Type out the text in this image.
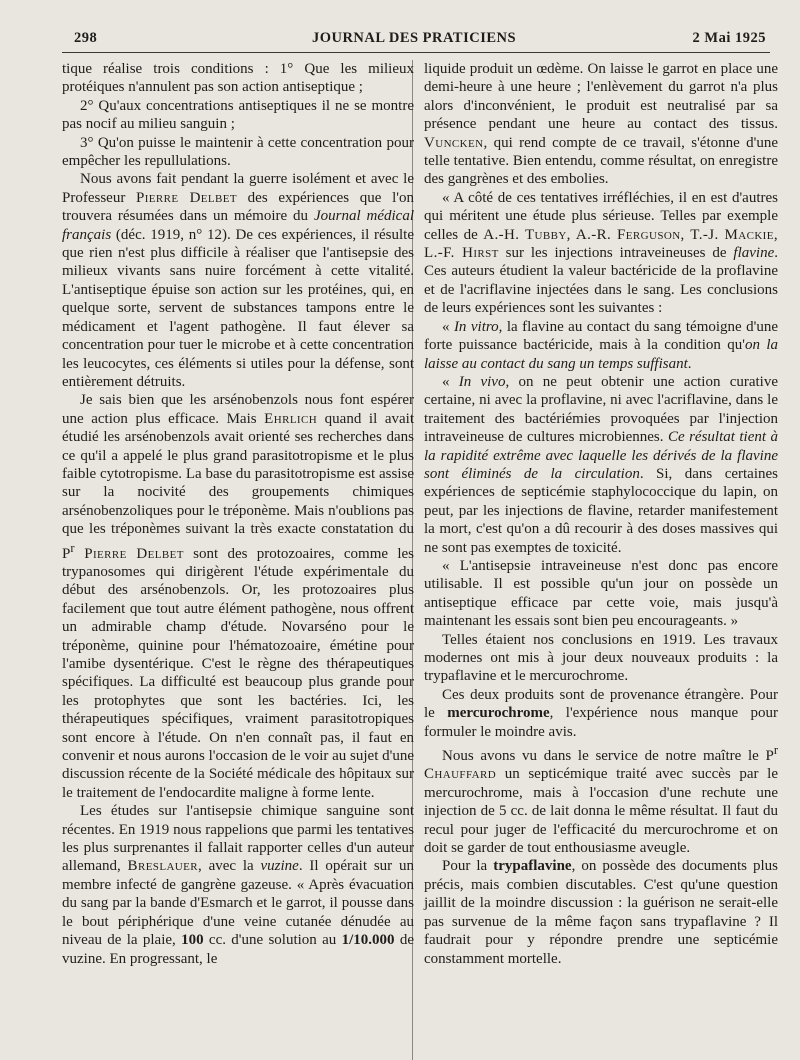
298	JOURNAL DES PRATICIENS	2 Mai 1925

tique réalise trois conditions : 1° Que les milieux protéiques n'annulent pas son action antiseptique ;

2° Qu'aux concentrations antiseptiques il ne se montre pas nocif au milieu sanguin ;

3° Qu'on puisse le maintenir à cette concentration pour empêcher les repullulations.

Nous avons fait pendant la guerre isolément et avec le Professeur Pierre Delbet des expériences que l'on trouvera résumées dans un mémoire du Journal médical français (déc. 1919, n° 12). De ces expériences, il résulte que rien n'est plus difficile à réaliser que l'antisepsie des milieux vivants sans nuire forcément à cette vitalité. L'antiseptique épuise son action sur les protéines, qui, en quelque sorte, servent de substances tampons entre le médicament et l'agent pathogène. Il faut élever sa concentration pour tuer le microbe et à cette concentration les leucocytes, ces éléments si utiles pour la défense, sont entièrement détruits.

Je sais bien que les arsénobenzols nous font espérer une action plus efficace. Mais Ehrlich quand il avait étudié les arsénobenzols avait orienté ses recherches dans ce qu'il a appelé le plus grand parasitotropisme et le plus faible cytotropisme. La base du parasitotropisme est assise sur la nocivité des groupements chimiques arsénobenzoliques pour le tréponème. Mais n'oublions pas que les tréponèmes suivant la très exacte constatation du $P^r$ Pierre Delbet sont des protozoaires, comme les trypanosomes qui dirigèrent l'étude expérimentale du début des arsénobenzols. Or, les protozoaires plus facilement que tout autre élément pathogène, nous offrent un admirable champ d'étude. Novarséno pour le tréponème, quinine pour l'hématozoaire, émétine pour l'amibe dysentérique. C'est le règne des thérapeutiques spécifiques. La difficulté est beaucoup plus grande pour les protophytes que sont les bactéries. Ici, les thérapeutiques spécifiques, vraiment parasitotropiques sont encore à l'étude. On n'en connaît pas, il faut en convenir et nous aurons l'occasion de le voir au sujet d'une discussion récente de la Société médicale des hôpitaux sur le traitement de l'endocardite maligne à forme lente.

Les études sur l'antisepsie chimique sanguine sont récentes. En 1919 nous rappelions que parmi les tentatives les plus surprenantes il fallait rapporter celles d'un auteur allemand, Breslauer, avec la vuzine. Il opérait sur un membre infecté de gangrène gazeuse. « Après évacuation du sang par la bande d'Esmarch et le garrot, il pousse dans le bout périphérique d'une veine cutanée dénudée au niveau de la plaie, 100 cc. d'une solution au 1/10.000 de vuzine. En progressant, le

liquide produit un œdème. On laisse le garrot en place une demi-heure à une heure ; l'enlèvement du garrot n'a plus alors d'inconvénient, le produit est neutralisé par sa présence pendant une heure au contact des tissus. Vuncken, qui rend compte de ce travail, s'étonne d'une telle tentative. Bien entendu, comme résultat, on enregistre des gangrènes et des embolies.

« A côté de ces tentatives irréfléchies, il en est d'autres qui méritent une étude plus sérieuse. Telles par exemple celles de A.-H. Tubby, A.-R. Ferguson, T.-J. Mackie, L.-F. Hirst sur les injections intraveineuses de flavine. Ces auteurs étudient la valeur bactéricide de la proflavine et de l'acriflavine injectées dans le sang. Les conclusions de leurs expériences sont les suivantes :

« In vitro, la flavine au contact du sang témoigne d'une forte puissance bactéricide, mais à la condition qu'on la laisse au contact du sang un temps suffisant.

« In vivo, on ne peut obtenir une action curative certaine, ni avec la proflavine, ni avec l'acriflavine, dans le traitement des bactériémies provoquées par l'injection intraveineuse de cultures microbiennes. Ce résultat tient à la rapidité extrême avec laquelle les dérivés de la flavine sont éliminés de la circulation. Si, dans certaines expériences de septicémie staphylococcique du lapin, on peut, par les injections de flavine, retarder manifestement la mort, c'est qu'on a dû recourir à des doses massives qui ne sont pas exemptes de toxicité.

« L'antisepsie intraveineuse n'est donc pas encore utilisable. Il est possible qu'un jour on possède un antiseptique efficace par cette voie, mais jusqu'à maintenant les essais sont bien peu encourageants. »

Telles étaient nos conclusions en 1919. Les travaux modernes ont mis à jour deux nouveaux produits : la trypaflavine et le mercurochrome.

Ces deux produits sont de provenance étrangère. Pour le mercurochrome, l'expérience nous manque pour formuler le moindre avis.

Nous avons vu dans le service de notre maître le $P^r$ Chauffard un septicémique traité avec succès par le mercurochrome, mais à l'occasion d'une rechute une injection de 5 cc. de lait donna le même résultat. Il faut du recul pour juger de l'efficacité du mercurochrome et on doit se garder de tout enthousiasme aveugle.

Pour la trypaflavine, on possède des documents plus précis, mais combien discutables. C'est qu'une question jaillit de la moindre discussion : la guérison ne serait-elle pas survenue de la même façon sans trypaflavine ? Il faudrait pour y répondre prendre une septicémie constamment mortelle.
